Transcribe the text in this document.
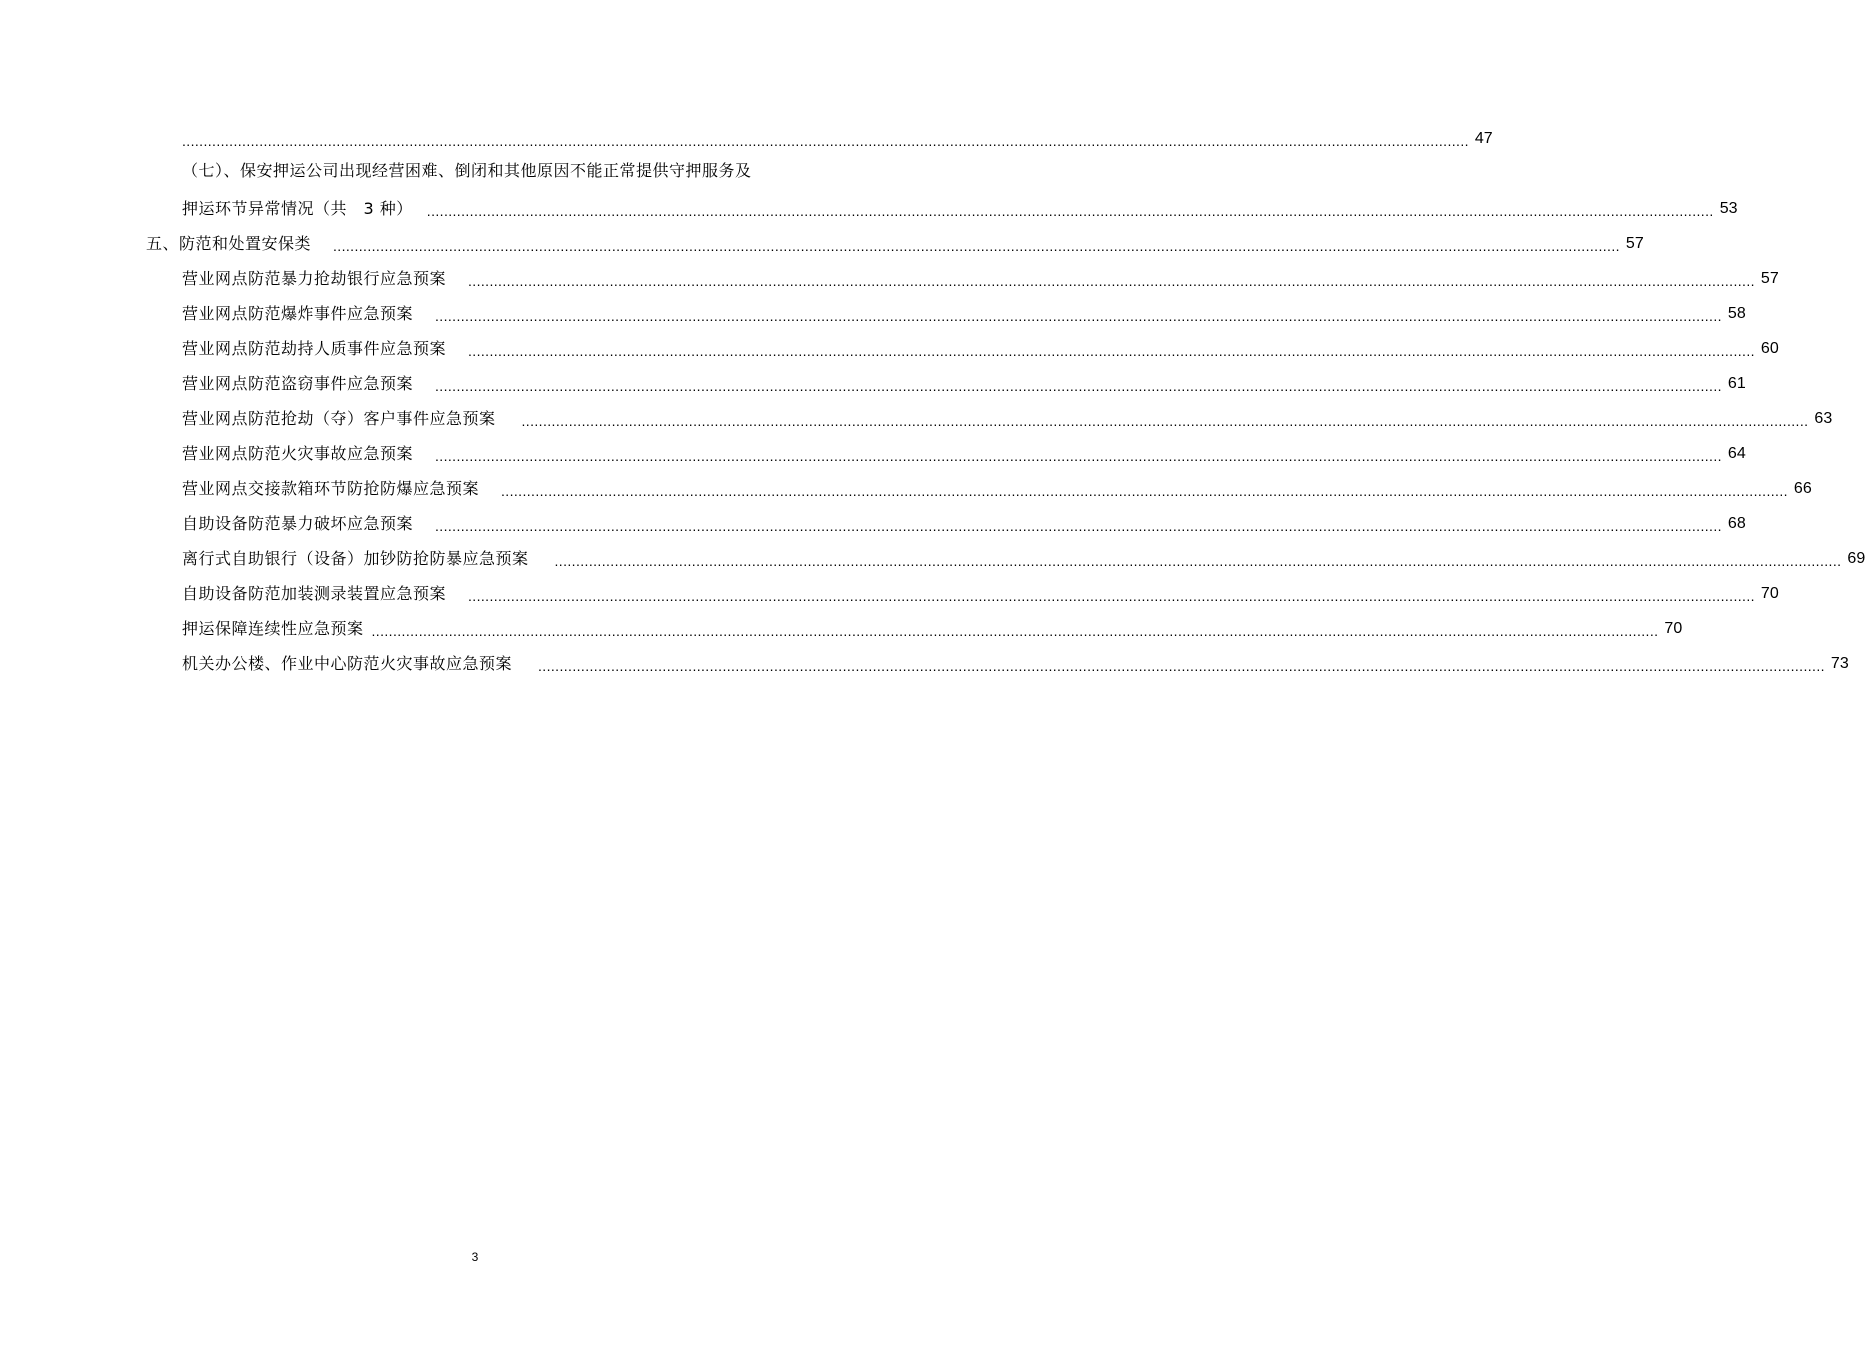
............................................................................................................................................................................................................................................................................................................ 47
（七）、保安押运公司出现经营困难、倒闭和其他原因不能正常提供守押服务及
押运环节异常情况（共　3 种） ............................................................................................................................................................................................................................................................................................................ 53
五、防范和处置安保类 ............................................................................................................................................................................................................................................................................................................ 57
营业网点防范暴力抢劫银行应急预案 ............................................................................................................................................................................................................................................................................................................ 57
营业网点防范爆炸事件应急预案 ............................................................................................................................................................................................................................................................................................................ 58
营业网点防范劫持人质事件应急预案 ............................................................................................................................................................................................................................................................................................................ 60
营业网点防范盗窃事件应急预案 ............................................................................................................................................................................................................................................................................................................ 61
营业网点防范抢劫（夺）客户事件应急预案 ............................................................................................................................................................................................................................................................................................................ 63
营业网点防范火灾事故应急预案 ............................................................................................................................................................................................................................................................................................................ 64
营业网点交接款箱环节防抢防爆应急预案 ............................................................................................................................................................................................................................................................................................................ 66
自助设备防范暴力破坏应急预案 ............................................................................................................................................................................................................................................................................................................ 68
离行式自助银行（设备）加钞防抢防暴应急预案 ............................................................................................................................................................................................................................................................................................................ 69
自助设备防范加装测录装置应急预案 ............................................................................................................................................................................................................................................................................................................ 70
押运保障连续性应急预案 ............................................................................................................................................................................................................................................................................................................ 70
机关办公楼、作业中心防范火灾事故应急预案 ............................................................................................................................................................................................................................................................................................................ 73
3
